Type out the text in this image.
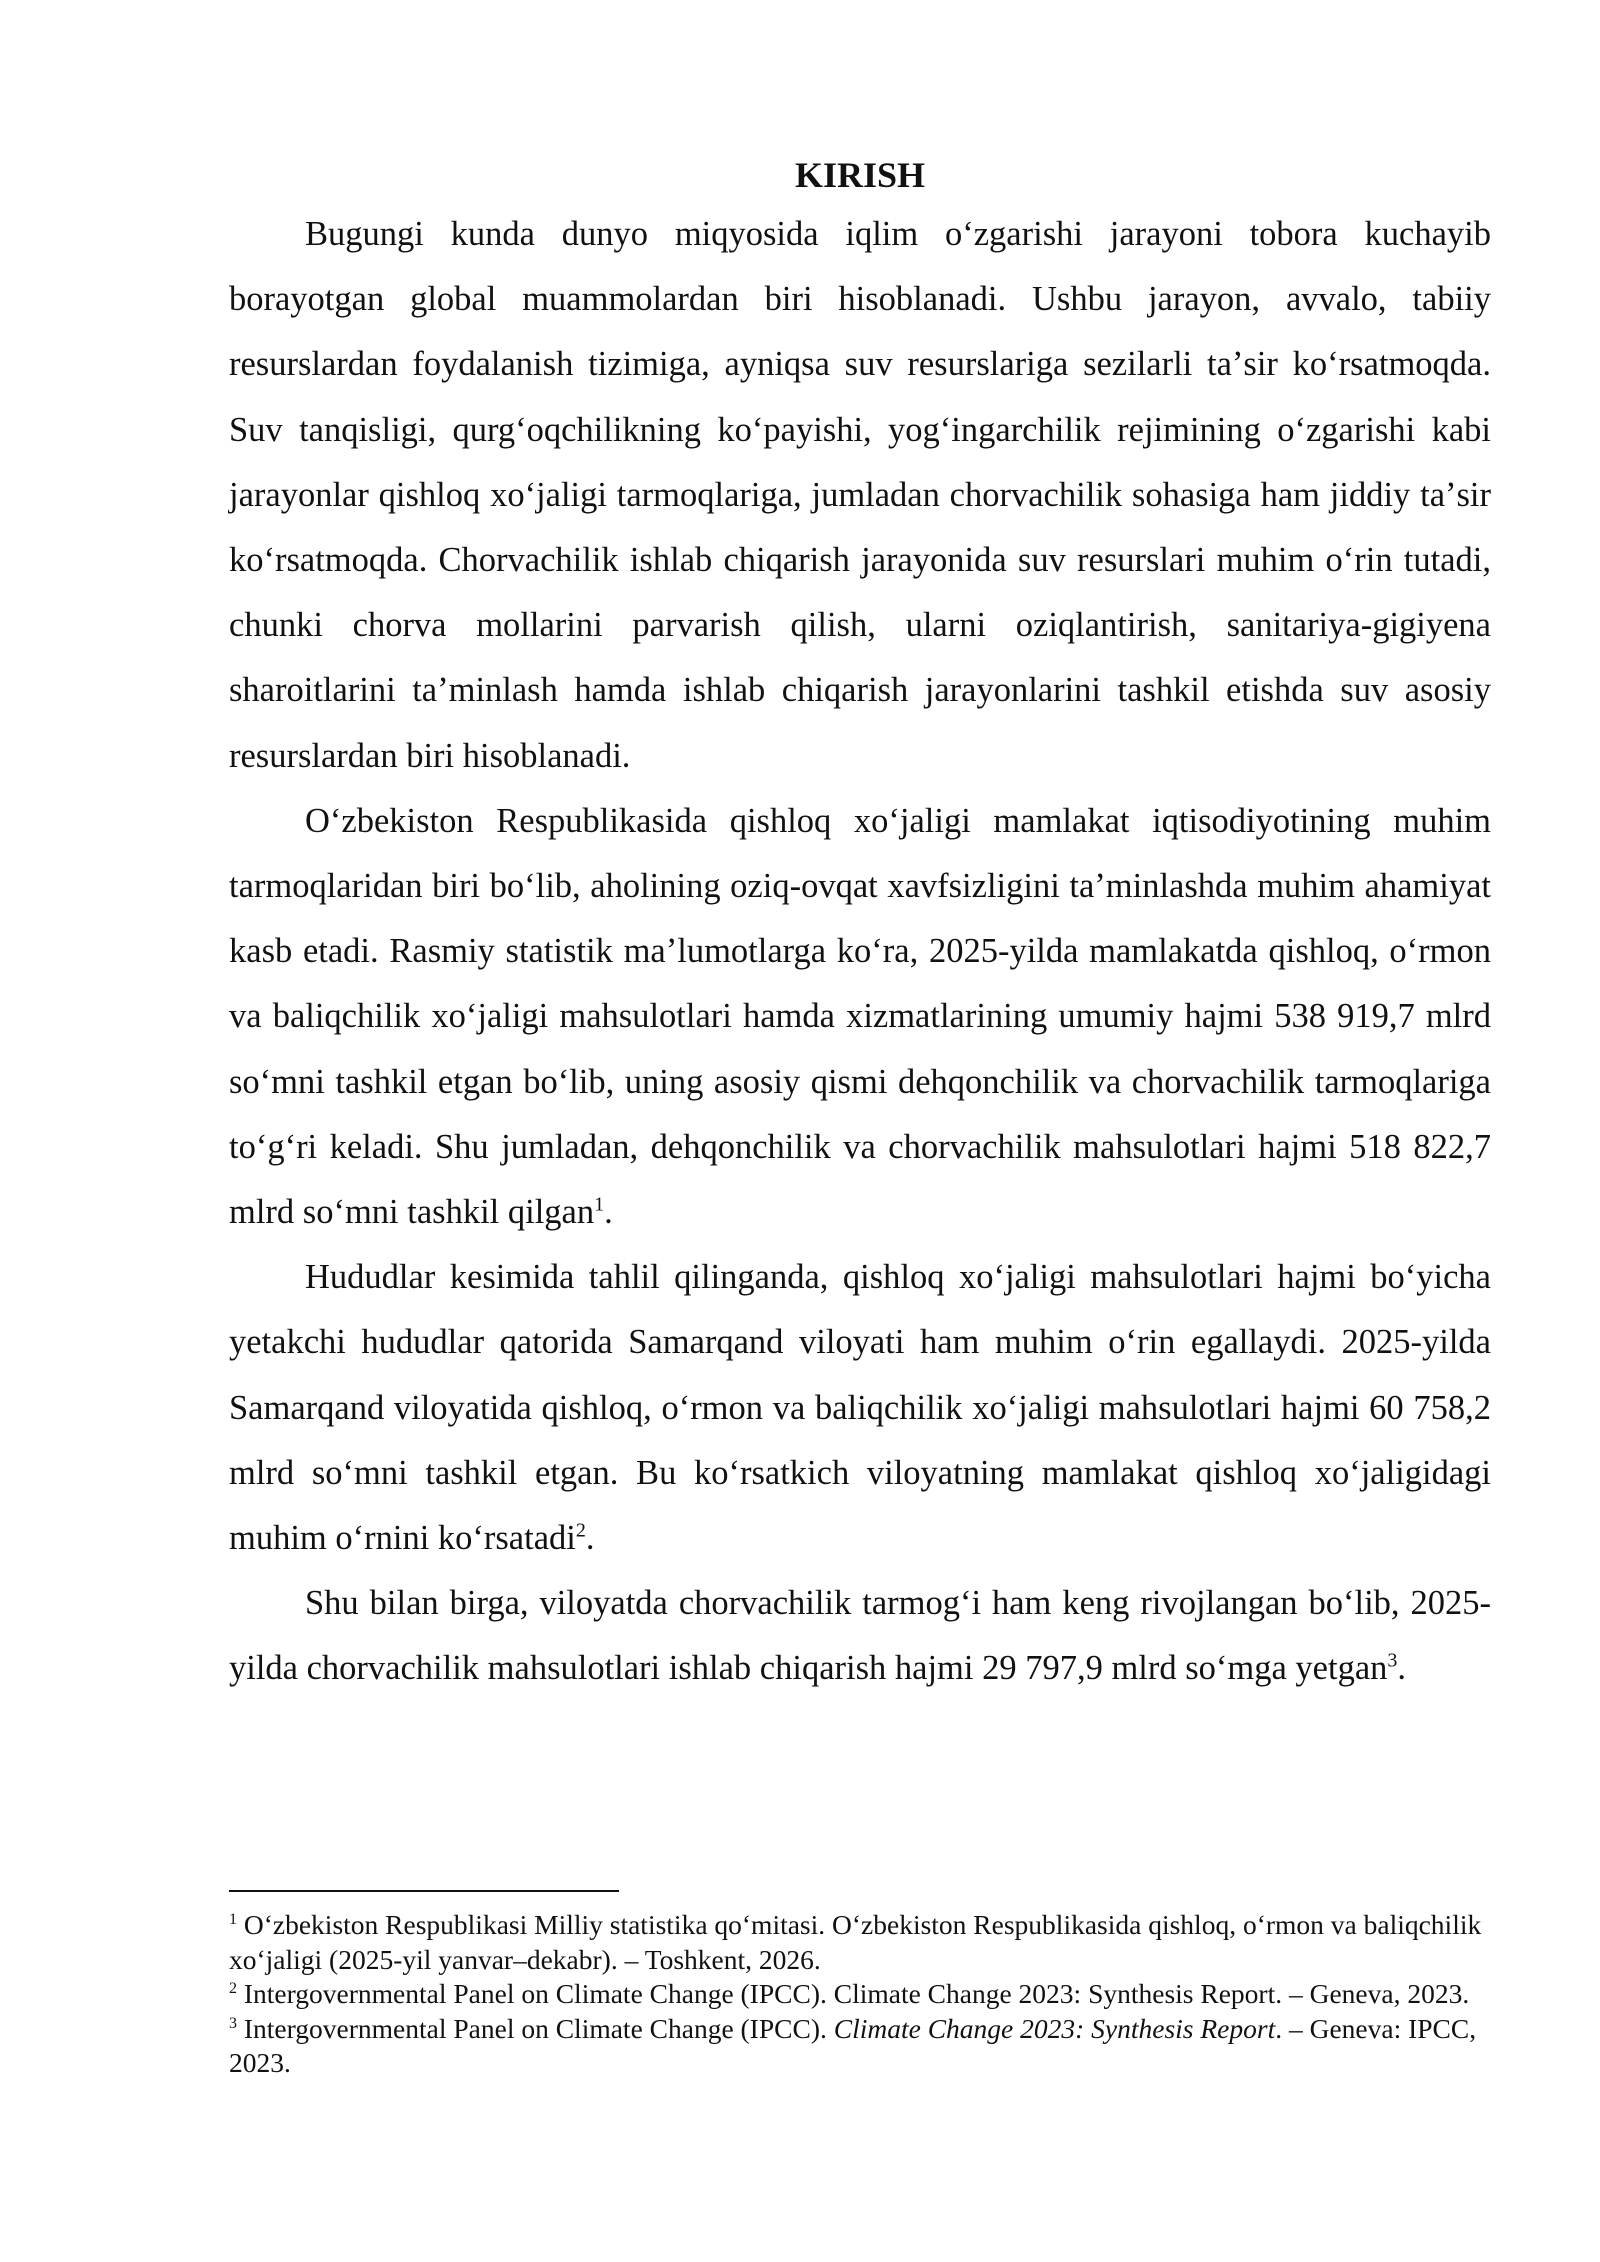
KIRISH

Bugungi kunda dunyo miqyosida iqlim oʻzgarishi jarayoni tobora kuchayib borayotgan global muammolardan biri hisoblanadi. Ushbu jarayon, avvalo, tabiiy resurslardan foydalanish tizimiga, ayniqsa suv resurslariga sezilarli taʼsir koʻrsatmoqda. Suv tanqisligi, qurgʻoqchilikning koʻpayishi, yogʻingarchilik rejimining oʻzgarishi kabi jarayonlar qishloq xoʻjaligi tarmoqlariga, jumladan chorvachilik sohasiga ham jiddiy taʼsir koʻrsatmoqda. Chorvachilik ishlab chiqarish jarayonida suv resurslari muhim oʻrin tutadi, chunki chorva mollarini parvarish qilish, ularni oziqlantirish, sanitariya-gigiyena sharoitlarini taʼminlash hamda ishlab chiqarish jarayonlarini tashkil etishda suv asosiy resurslardan biri hisoblanadi.

Oʻzbekiston Respublikasida qishloq xoʻjaligi mamlakat iqtisodiyotining muhim tarmoqlaridan biri boʻlib, aholining oziq-ovqat xavfsizligini taʼminlashda muhim ahamiyat kasb etadi. Rasmiy statistik maʼlumotlarga koʻra, 2025-yilda mamlakatda qishloq, oʻrmon va baliqchilik xoʻjaligi mahsulotlari hamda xizmatlarining umumiy hajmi 538 919,7 mlrd soʻmni tashkil etgan boʻlib, uning asosiy qismi dehqonchilik va chorvachilik tarmoqlariga toʻgʻri keladi. Shu jumladan, dehqonchilik va chorvachilik mahsulotlari hajmi 518 822,7 mlrd soʻmni tashkil qilgan$^1$.

Hududlar kesimida tahlil qilinganda, qishloq xoʻjaligi mahsulotlari hajmi boʻyicha yetakchi hududlar qatorida Samarqand viloyati ham muhim oʻrin egallaydi. 2025-yilda Samarqand viloyatida qishloq, oʻrmon va baliqchilik xoʻjaligi mahsulotlari hajmi 60 758,2 mlrd soʻmni tashkil etgan. Bu koʻrsatkich viloyatning mamlakat qishloq xoʻjaligidagi muhim oʻrnini koʻrsatadi$^2$.

Shu bilan birga, viloyatda chorvachilik tarmogʻi ham keng rivojlangan boʻlib, 2025-yilda chorvachilik mahsulotlari ishlab chiqarish hajmi 29 797,9 mlrd soʻmga yetgan$^3$.

$^1$ Oʻzbekiston Respublikasi Milliy statistika qoʻmitasi. Oʻzbekiston Respublikasida qishloq, oʻrmon va baliqchilik xoʻjaligi (2025-yil yanvar–dekabr). – Toshkent, 2026.

$^2$ Intergovernmental Panel on Climate Change (IPCC). Climate Change 2023: Synthesis Report. – Geneva, 2023.

$^3$ Intergovernmental Panel on Climate Change (IPCC). Climate Change 2023: Synthesis Report. – Geneva: IPCC, 2023.
